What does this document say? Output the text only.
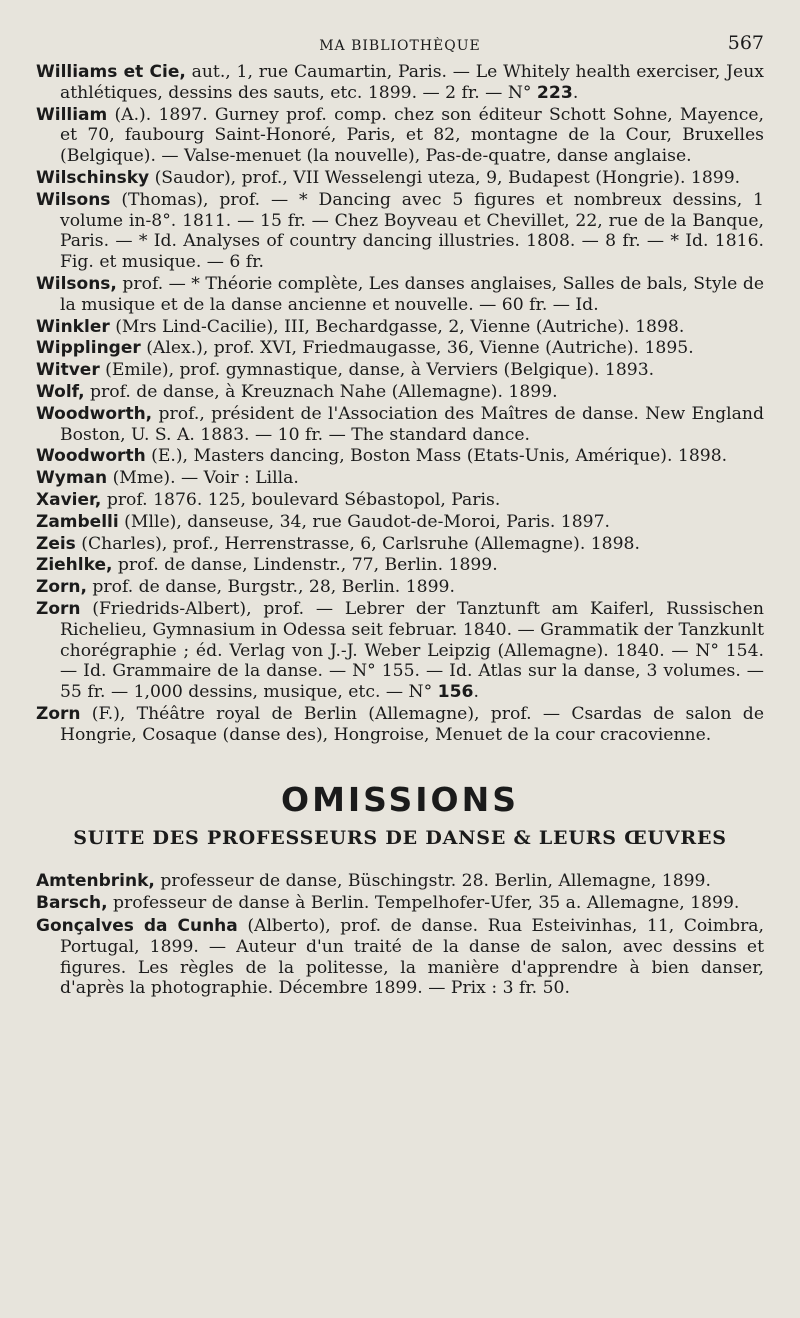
MA BIBLIOTHÈQUE	567

Williams et Cie, aut., 1, rue Caumartin, Paris. — Le Whitely health exerciser, Jeux athlétiques, dessins des sauts, etc. 1899. — 2 fr. — N° 223.

William (A.). 1897. Gurney prof. comp. chez son éditeur Schott Sohne, Mayence, et 70, faubourg Saint-Honoré, Paris, et 82, montagne de la Cour, Bruxelles (Belgique). — Valse-menuet (la nouvelle), Pas-de-quatre, danse anglaise.

Wilschinsky (Saudor), prof., VII Wesselengi uteza, 9, Budapest (Hongrie). 1899.

Wilsons (Thomas), prof. — * Dancing avec 5 figures et nombreux dessins, 1 volume in-8°. 1811. — 15 fr. — Chez Boyveau et Chevillet, 22, rue de la Banque, Paris. — * Id. Analyses of country dancing illustries. 1808. — 8 fr. — * Id. 1816. Fig. et musique. — 6 fr.

Wilsons, prof. — * Théorie complète, Les danses anglaises, Salles de bals, Style de la musique et de la danse ancienne et nouvelle. — 60 fr. — Id.

Winkler (Mrs Lind-Cacilie), III, Bechardgasse, 2, Vienne (Autriche). 1898.

Wipplinger (Alex.), prof. XVI, Friedmaugasse, 36, Vienne (Autriche). 1895.

Witver (Emile), prof. gymnastique, danse, à Verviers (Belgique). 1893.

Wolf, prof. de danse, à Kreuznach Nahe (Allemagne). 1899.

Woodworth, prof., président de l'Association des Maîtres de danse. New England Boston, U. S. A. 1883. — 10 fr. — The standard dance.

Woodworth (E.), Masters dancing, Boston Mass (Etats-Unis, Amérique). 1898.

Wyman (Mme). — Voir : Lilla.

Xavier, prof. 1876. 125, boulevard Sébastopol, Paris.

Zambelli (Mlle), danseuse, 34, rue Gaudot-de-Moroi, Paris. 1897.

Zeis (Charles), prof., Herrenstrasse, 6, Carlsruhe (Allemagne). 1898.

Ziehlke, prof. de danse, Lindenstr., 77, Berlin. 1899.

Zorn, prof. de danse, Burgstr., 28, Berlin. 1899.

Zorn (Friedrids-Albert), prof. — Lebrer der Tanztunft am Kaiferl, Russischen Richelieu, Gymnasium in Odessa seit februar. 1840. — Grammatik der Tanzkunlt chorégraphie ; éd. Verlag von J.-J. Weber Leipzig (Allemagne). 1840. — N° 154. — Id. Grammaire de la danse. — N° 155. — Id. Atlas sur la danse, 3 volumes. — 55 fr. — 1,000 dessins, musique, etc. — N° 156.

Zorn (F.), Théâtre royal de Berlin (Allemagne), prof. — Csardas de salon de Hongrie, Cosaque (danse des), Hongroise, Menuet de la cour cracovienne.

OMISSIONS
SUITE DES PROFESSEURS DE DANSE & LEURS ŒUVRES

Amtenbrink, professeur de danse, Büschingstr. 28. Berlin, Allemagne, 1899.

Barsch, professeur de danse à Berlin. Tempelhofer-Ufer, 35 a. Allemagne, 1899.

Gonçalves da Cunha (Alberto), prof. de danse. Rua Esteivinhas, 11, Coimbra, Portugal, 1899. — Auteur d'un traité de la danse de salon, avec dessins et figures. Les règles de la politesse, la manière d'apprendre à bien danser, d'après la photographie. Décembre 1899. — Prix : 3 fr. 50.
